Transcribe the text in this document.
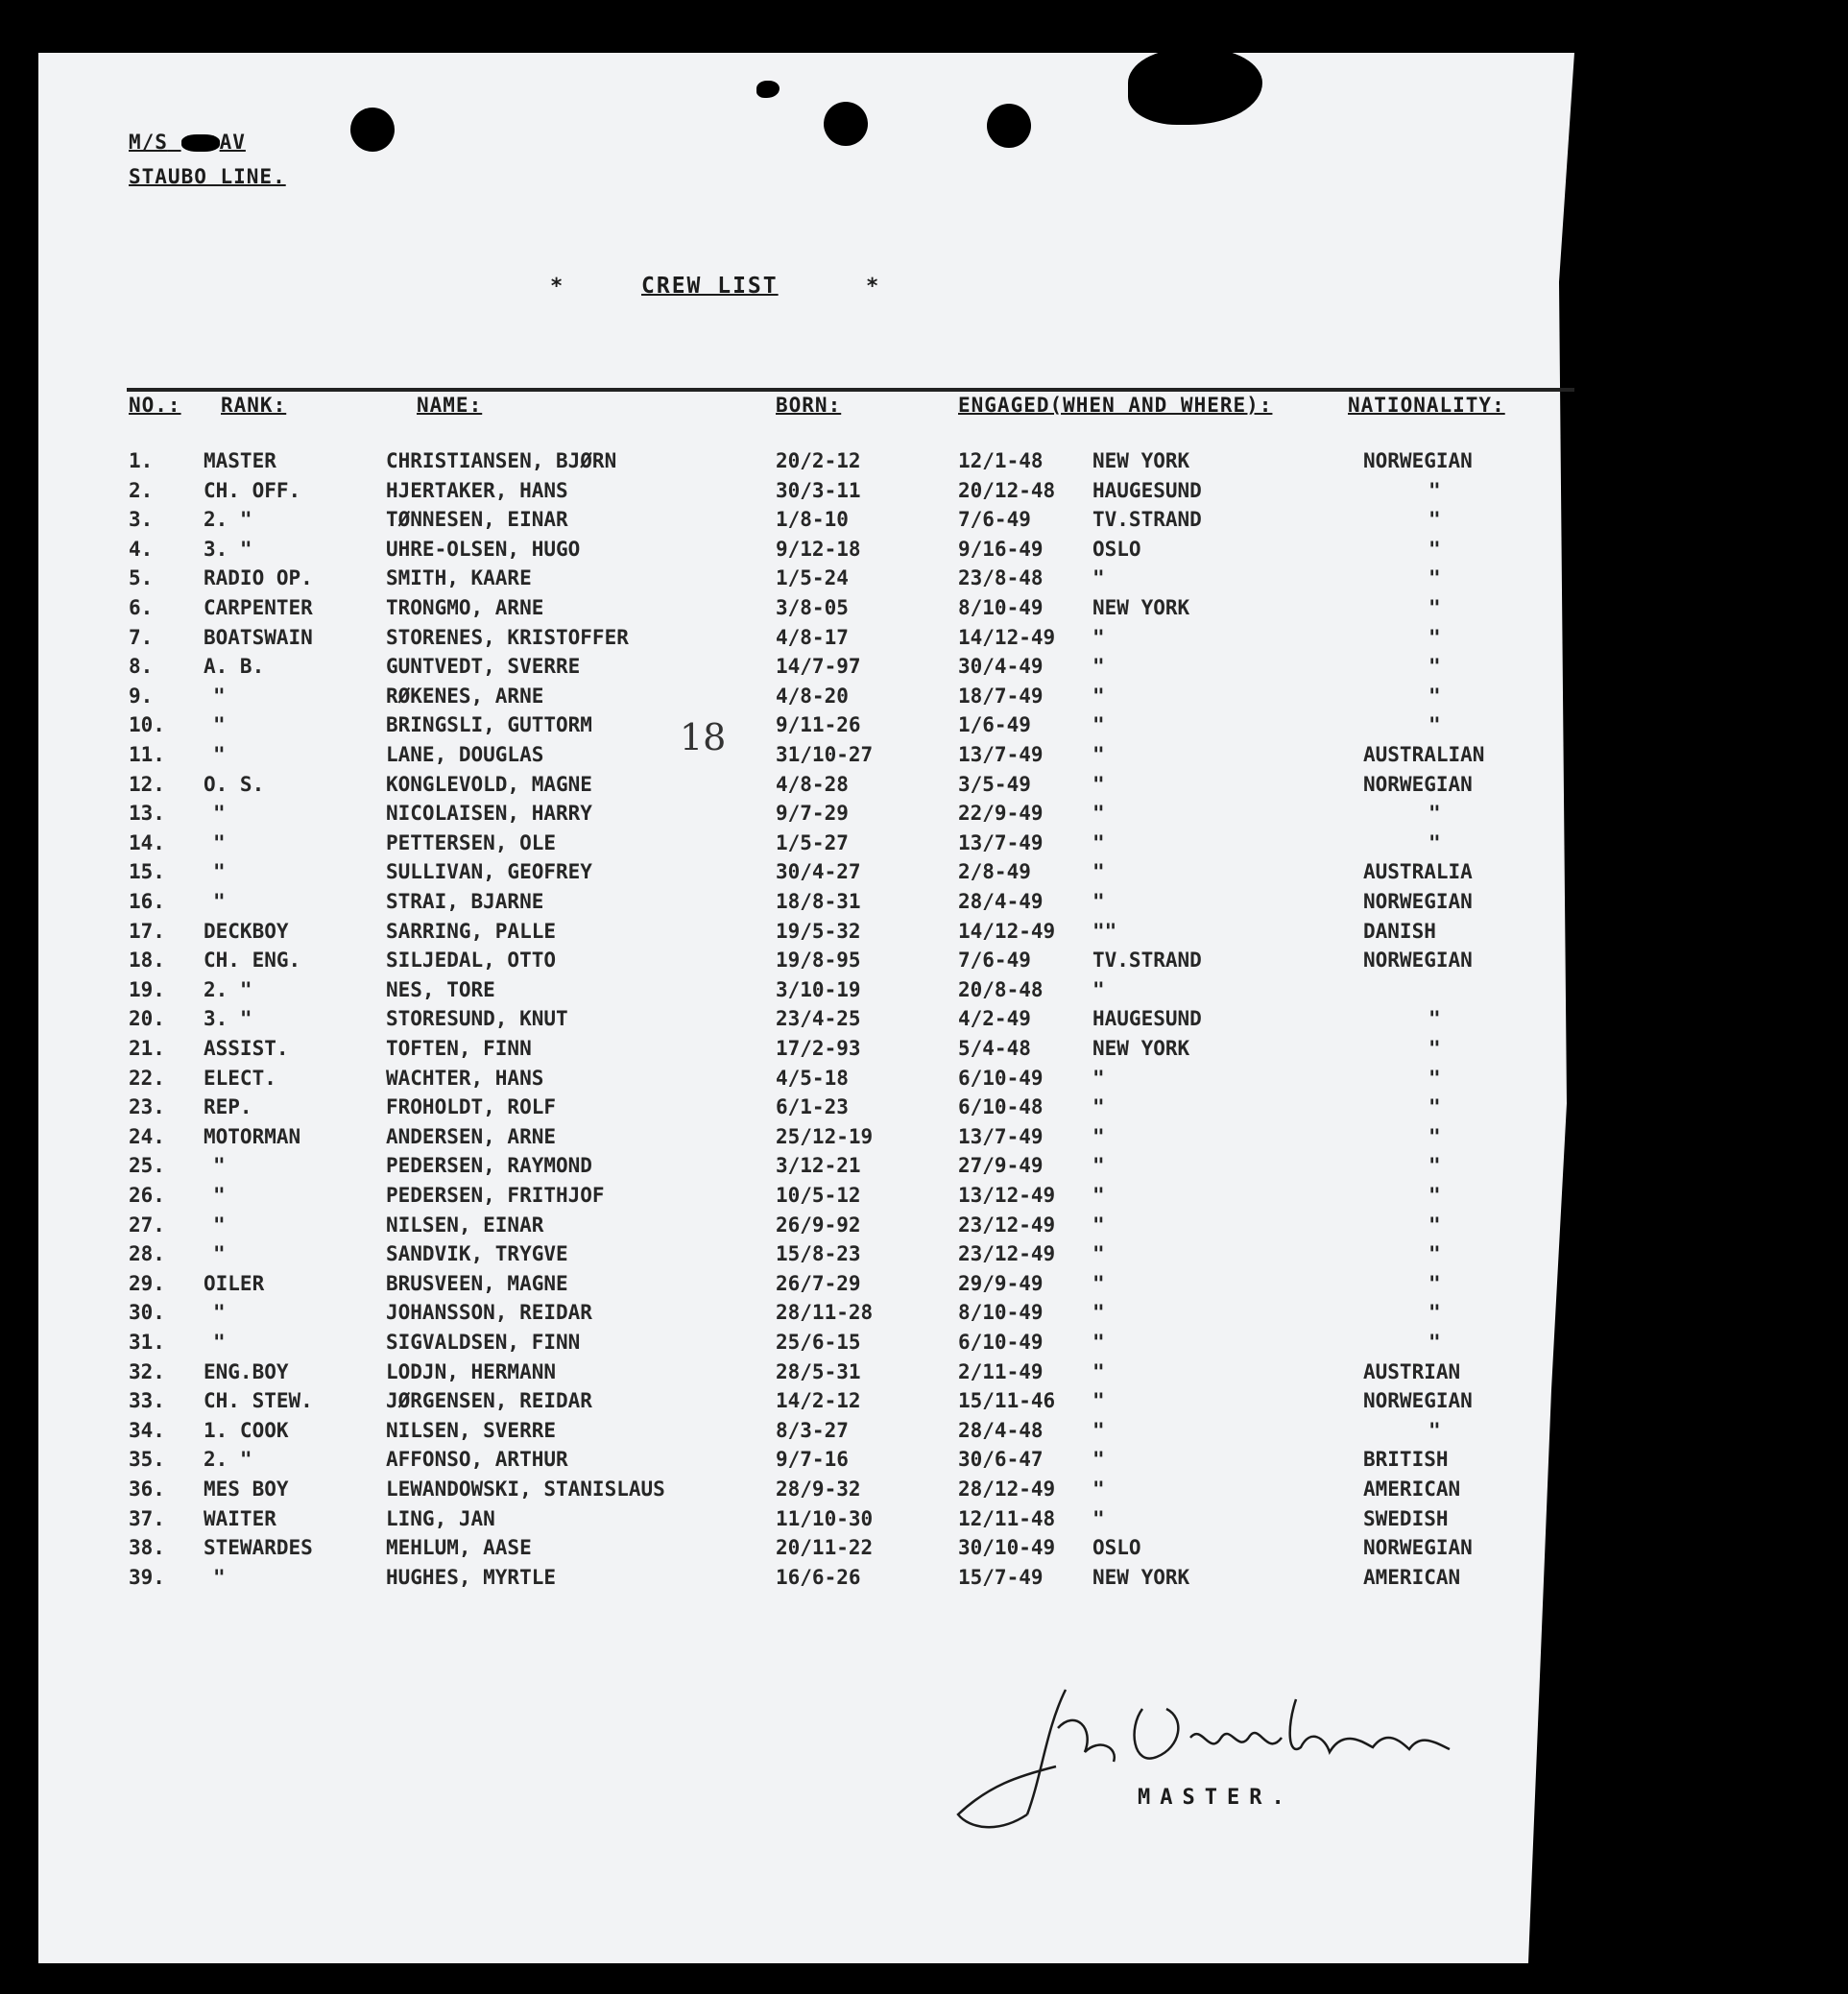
M/S	AV
STAUBO LINE.
*	CREW LIST	*
NO.: RANK:	NAME:	BORN:	ENGAGED(WHEN AND WHERE):	NATIONALITY:
1.	MASTER	CHRISTIANSEN, BJØRN	20/2-12	12/1-48 NEW YORK	NORWEGIAN
2.	CH. OFF.	HJERTAKER, HANS	30/3-11	20/12-48 HAUGESUND	"
3.	2. "	TØNNESEN, EINAR	1/8-10	7/6-49	TV.STRAND	"
4.	3. "	UHRE-OLSEN, HUGO	9/12-18	9/16-49 OSLO	"
5.	RADIO OP.	SMITH, KAARE	1/5-24	23/8-48 "	"
6.	CARPENTER	TRONGMO, ARNE	3/8-05	8/10-49 NEW YORK	"
7.	BOATSWAIN	STORENES, KRISTOFFER	4/8-17	14/12-49 "	"
8.	A. B.	GUNTVEDT, SVERRE	14/7-97	30/4-49 "	"
9.	"	RØKENES, ARNE	4/8-20	18/7-49 "	"
10. "	BRINGSLI, GUTTORM	9/11-26	1/6-49	"	"
11. "	LANE, DOUGLAS	31/10-27	13/7-49 "	AUSTRALIAN
12. O. S.	KONGLEVOLD, MAGNE	4/8-28	3/5-49	"	NORWEGIAN
13. "	NICOLAISEN, HARRY	9/7-29	22/9-49 "	"
14. "	PETTERSEN, OLE	1/5-27	13/7-49 "	"
15. "	SULLIVAN, GEOFREY	30/4-27	2/8-49	"	AUSTRALIA
16. "	STRAI, BJARNE	18/8-31	28/4-49 "	NORWEGIAN
17. DECKBOY	SARRING, PALLE	19/5-32	14/12-49 ""	DANISH
18. CH. ENG.	SILJEDAL, OTTO	19/8-95	7/6-49	TV.STRAND	NORWEGIAN
19. 2. "	NES, TORE	3/10-19	20/8-48 "
20. 3. "	STORESUND, KNUT	23/4-25	4/2-49	HAUGESUND	"
21. ASSIST.	TOFTEN, FINN	17/2-93	5/4-48	NEW YORK	"
22. ELECT.	WACHTER, HANS	4/5-18	6/10-49 "	"
23. REP.	FROHOLDT, ROLF	6/1-23	6/10-48 "	"
24. MOTORMAN	ANDERSEN, ARNE	25/12-19	13/7-49 "	"
25. "	PEDERSEN, RAYMOND	3/12-21	27/9-49 "	"
26. "	PEDERSEN, FRITHJOF	10/5-12	13/12-49 "	"
27. "	NILSEN, EINAR	26/9-92	23/12-49 "	"
28. "	SANDVIK, TRYGVE	15/8-23	23/12-49 "	"
29. OILER	BRUSVEEN, MAGNE	26/7-29	29/9-49 "	"
30. "	JOHANSSON, REIDAR	28/11-28	8/10-49 "	"
31. "	SIGVALDSEN, FINN	25/6-15	6/10-49 "	"
32. ENG.BOY	LODJN, HERMANN	28/5-31	2/11-49 "	AUSTRIAN
33. CH. STEW.	JØRGENSEN, REIDAR	14/2-12	15/11-46 "	NORWEGIAN
34. 1. COOK	NILSEN, SVERRE	8/3-27	28/4-48 "	"
35. 2. "	AFFONSO, ARTHUR	9/7-16	30/6-47 "	BRITISH
36. MES BOY	LEWANDOWSKI, STANISLAUS	28/9-32	28/12-49 "	AMERICAN
37. WAITER	LING, JAN	11/10-30	12/11-48 "	SWEDISH
38. STEWARDES	MEHLUM, AASE	20/11-22	30/10-49 OSLO	NORWEGIAN
39. "	HUGHES, MYRTLE	16/6-26	15/7-49 NEW YORK	AMERICAN
18
MASTER.
